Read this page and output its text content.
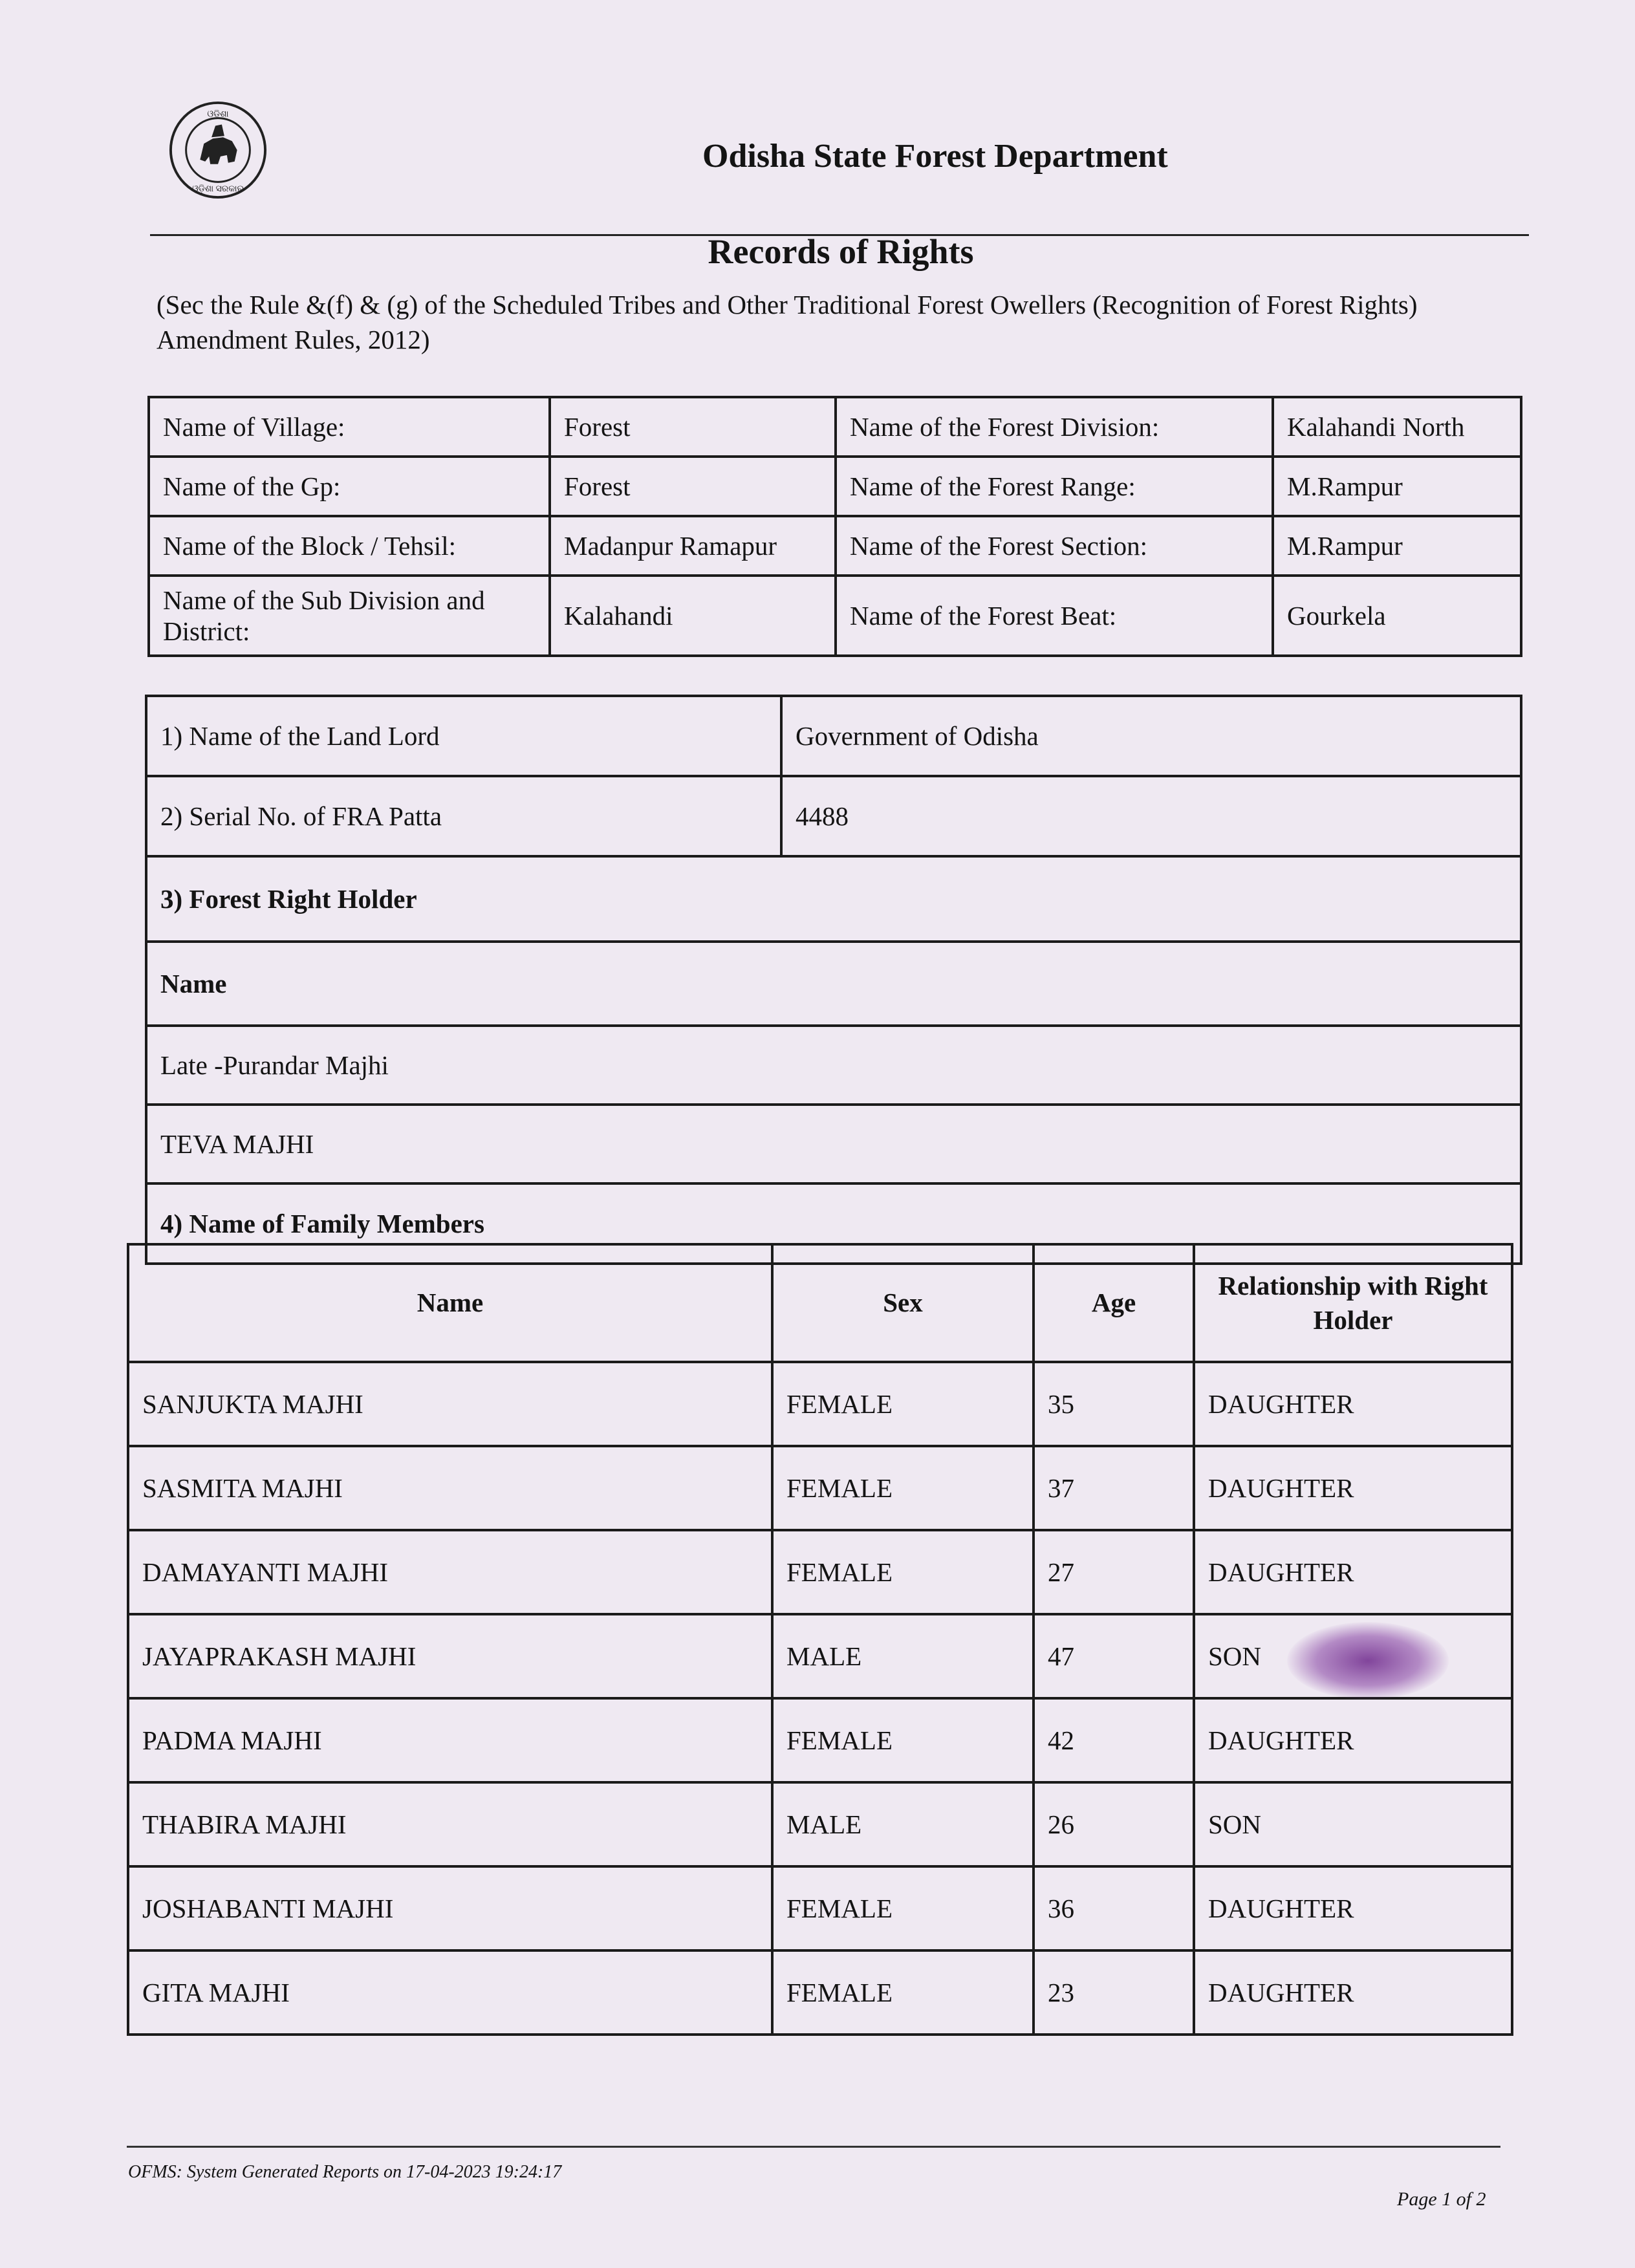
ଓଡ଼ିଶା
ଓଡ଼ିଶା ସରକାର
Odisha State Forest Department
Records of Rights
(Sec the Rule &(f) & (g) of the Scheduled Tribes and Other Traditional Forest Owellers (Recognition of Forest Rights) Amendment Rules, 2012)
Name of Village:	Forest	Name of the Forest Division:	Kalahandi North
Name of the Gp:	Forest	Name of the Forest Range:	M.Rampur
Name of the Block / Tehsil:	Madanpur Ramapur	Name of the Forest Section:	M.Rampur
Name of the Sub Division and District:	Kalahandi	Name of the Forest Beat:	Gourkela
1) Name of the Land Lord	Government of Odisha
2) Serial No. of FRA Patta	4488
3) Forest Right Holder	
Name	
Late -Purandar Majhi	
TEVA MAJHI	
4) Name of Family Members	
Name	Sex	Age	Relationship with Right Holder
SANJUKTA MAJHI	FEMALE	35	DAUGHTER
SASMITA MAJHI	FEMALE	37	DAUGHTER
DAMAYANTI MAJHI	FEMALE	27	DAUGHTER
JAYAPRAKASH MAJHI	MALE	47	SON
PADMA MAJHI	FEMALE	42	DAUGHTER
THABIRA MAJHI	MALE	26	SON
JOSHABANTI MAJHI	FEMALE	36	DAUGHTER
GITA MAJHI	FEMALE	23	DAUGHTER
OFMS: System Generated Reports on 17-04-2023 19:24:17
Page 1 of 2
